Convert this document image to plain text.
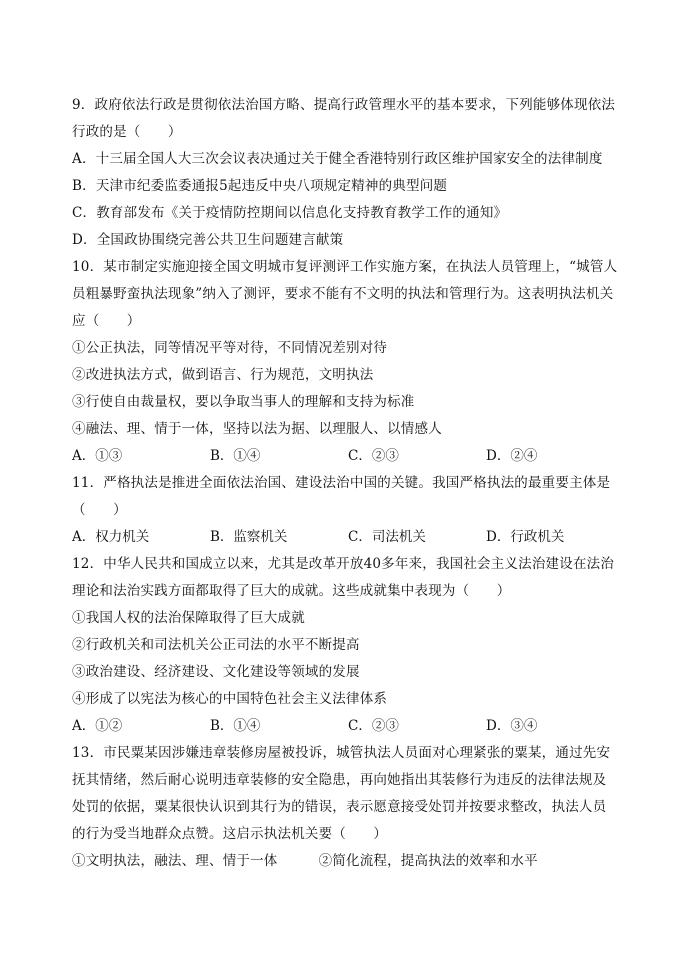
9．政府依法行政是贯彻依法治国方略、提高行政管理水平的基本要求，下列能够体现依法
行政的是（　　）
A．十三届全国人大三次会议表决通过关于健全香港特别行政区维护国家安全的法律制度
B．天津市纪委监委通报5起违反中央八项规定精神的典型问题
C．教育部发布《关于疫情防控期间以信息化支持教育教学工作的通知》
D．全国政协围绕完善公共卫生问题建言献策
10．某市制定实施迎接全国文明城市复评测评工作实施方案，在执法人员管理上，“城管人
员粗暴野蛮执法现象”纳入了测评，要求不能有不文明的执法和管理行为。这表明执法机关
应（　　）
①公正执法，同等情况平等对待，不同情况差别对待
②改进执法方式，做到语言、行为规范，文明执法
③行使自由裁量权，要以争取当事人的理解和支持为标准
④融法、理、情于一体，坚持以法为据、以理服人、以情感人
A．①③	B．①④	C．②③	D．②④
11．严格执法是推进全面依法治国、建设法治中国的关键。我国严格执法的最重要主体是
（　　）
A．权力机关	B．监察机关	C．司法机关	D．行政机关
12．中华人民共和国成立以来，尤其是改革开放40多年来，我国社会主义法治建设在法治
理论和法治实践方面都取得了巨大的成就。这些成就集中表现为（　　）
①我国人权的法治保障取得了巨大成就
②行政机关和司法机关公正司法的水平不断提高
③政治建设、经济建设、文化建设等领域的发展
④形成了以宪法为核心的中国特色社会主义法律体系
A．①②	B．①④	C．②③	D．③④
13．市民粟某因涉嫌违章装修房屋被投诉，城管执法人员面对心理紧张的粟某，通过先安
抚其情绪，然后耐心说明违章装修的安全隐患，再向她指出其装修行为违反的法律法规及
处罚的依据，粟某很快认识到其行为的错误，表示愿意接受处罚并按要求整改，执法人员
的行为受当地群众点赞。这启示执法机关要（　　）
①文明执法，融法、理、情于一体　　　②简化流程，提高执法的效率和水平
